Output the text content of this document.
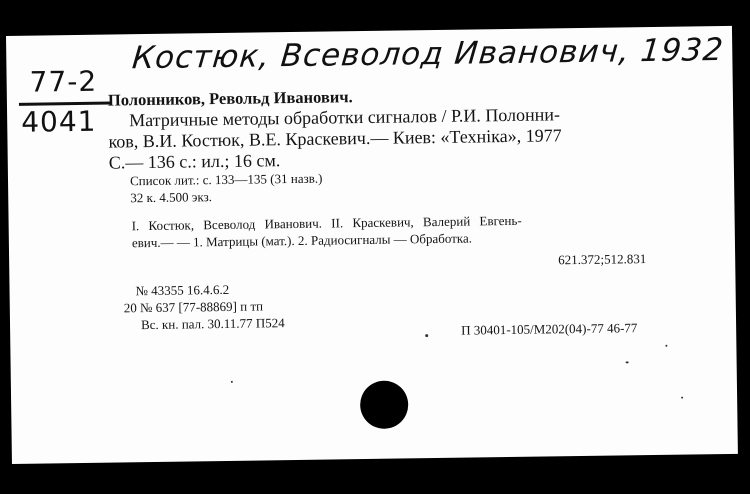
Костюк, Всеволод Иванович, 1932
77-2
4041
Полонников, Револьд Иванович.
Матричные методы обработки сигналов / Р.И. Полонни-
ков, В.И. Костюк, В.Е. Краскевич.— Киев: «Техніка», 1977
С.— 136 с.: ил.; 16 см.
Список лит.: с. 133—135 (31 назв.)
32 к. 4.500 экз.
I. Костюк, Всеволод Иванович. II. Краскевич, Валерий Евгень-
евич.— — 1. Матрицы (мат.). 2. Радиосигналы — Обработка.
621.372;512.831
№ 43355 16.4.6.2
20 № 637 [77-88869] п тп
Вс. кн. пал. 30.11.77 П524	П 30401-105/М202(04)-77 46-77
